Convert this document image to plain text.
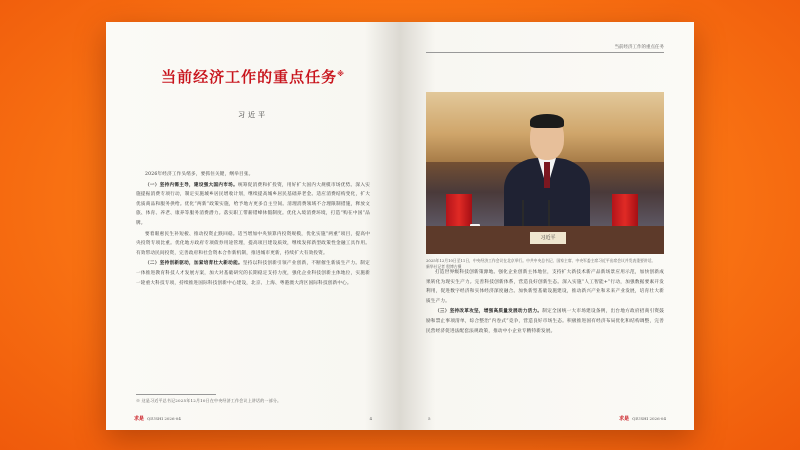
当前经济工作的重点任务※
习近平

2026年经济工作头绪多，要抓住关键，纲举目张。

（一）坚持内需主导，建设强大国内市场。统筹促消费和扩投资，用好扩大国内大规模市场优势。深入实施提振消费专项行动，制定实施城乡居民增收计划，继续提高城乡居民基础养老金。适应消费结构变化，扩大优质商品和服务供给。优化“两新”政策实施，给予地方更多自主空间。清理消费领域不合理限制措施，释放文旅、体育、养老、康养等服务消费潜力。落实职工带薪错峰休假制度。优化入境消费环境，打造“购在中国”品牌。

要着眼惠民生补短板、推动投资止跌回稳。适当增加中央预算内投资规模，优化实施“两重”项目，提高中央投资专项比重。优化地方政府专项债券用途管理，提高项目建设质效，继续发挥新型政策性金融工具作用。有效带动民间投资，完善政府和社会资本合作新机制，推进城市更新，持续扩大有效投资。

（二）坚持创新驱动，加紧培育壮大新动能。坚持以科技创新引领产业创新，不断催生新质生产力。制定一体推进教育科技人才发展方案，加大对基础研究的长期稳定支持力度，强化企业科技创新主体地位，实施新一轮重大科技专项，持续推进国际科技创新中心建设，北京、上海、粤港澳大湾区国际科技创新中心。

※ 这是习近平总书记2025年12月10日在中央经济工作会议上讲话的一部分。
求是 QIUSHI 2026·04	4
当前经济工作的重点任务
习近平
2025年12月10日至11日，中央经济工作会议在北京举行。中共中央总书记、国家主席、中央军委主席习近平出席会议并发表重要讲话。　　新华社记者 殷博古摄

打造世界级科技创新策源地。强化企业创新主体地位，支持扩大新技术新产品新场景应用示范，加快创新成果转化为现实生产力。完善科技创新体系，营造良好创新生态。深入实施“人工智能+”行动，加强数据要素开发利用，促进数字经济和实体经济深度融合。加快新型基础设施建设，推动新兴产业和未来产业发展，培育壮大新质生产力。

（三）坚持改革攻坚，增强高质量发展动力活力。制定全国统一大市场建设条例，出台地方政府招商引资鼓励和禁止事项清单，综合整治“内卷式”竞争，营造良好市场生态。积极推进国有经济布局优化和结构调整，完善民营经济促进法配套法规政策，推动中小企业专精特新发展。

5	求是 QIUSHI 2026·04
